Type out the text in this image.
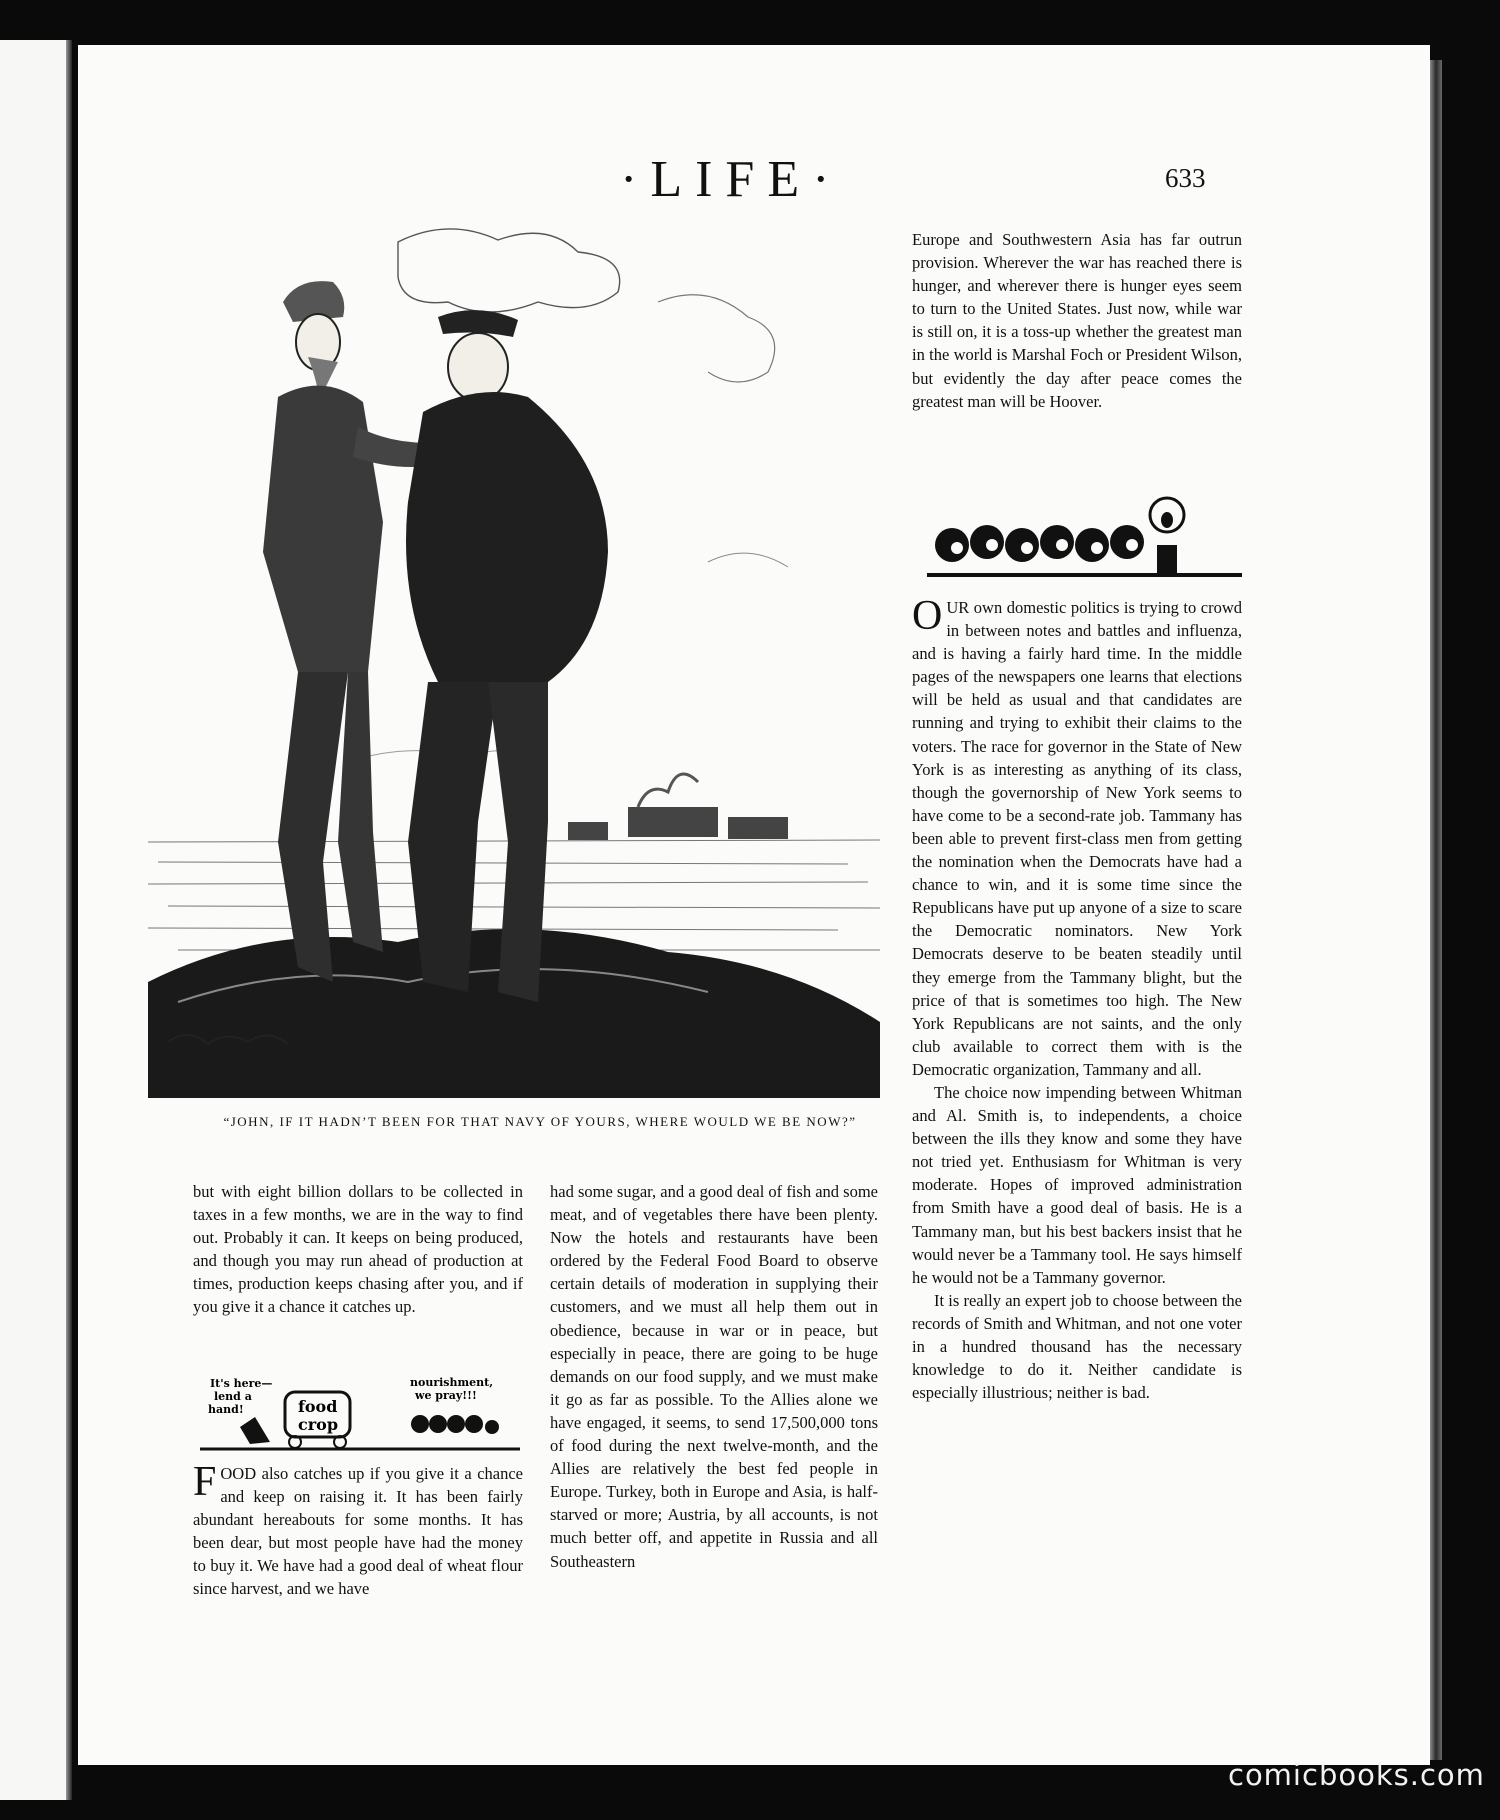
·LIFE·	633
“JOHN, IF IT HADN’T BEEN FOR THAT NAVY OF YOURS, WHERE WOULD WE BE NOW?”

but with eight billion dollars to be collected in taxes in a few months, we are in the way to find out. Probably it can. It keeps on being produced, and though you may run ahead of production at times, production keeps chasing after you, and if you give it a chance it catches up.

It's here—
lend a
hand!	food
crop
nourishment,
we pray!!!

FOOD also catches up if you give it a chance and keep on raising it. It has been fairly abundant hereabouts for some months. It has been dear, but most people have had the money to buy it. We have had a good deal of wheat flour since harvest, and we have

had some sugar, and a good deal of fish and some meat, and of vegetables there have been plenty. Now the hotels and restaurants have been ordered by the Federal Food Board to observe certain details of moderation in supplying their customers, and we must all help them out in obedience, because in war or in peace, but especially in peace, there are going to be huge demands on our food supply, and we must make it go as far as possible. To the Allies alone we have engaged, it seems, to send 17,500,000 tons of food during the next twelve-month, and the Allies are relatively the best fed people in Europe. Turkey, both in Europe and Asia, is half-starved or more; Austria, by all accounts, is not much better off, and appetite in Russia and all Southeastern

Europe and Southwestern Asia has far outrun provision. Wherever the war has reached there is hunger, and wherever there is hunger eyes seem to turn to the United States. Just now, while war is still on, it is a toss-up whether the greatest man in the world is Marshal Foch or President Wilson, but evidently the day after peace comes the greatest man will be Hoover.

OUR own domestic politics is trying to crowd in between notes and battles and influenza, and is having a fairly hard time. In the middle pages of the newspapers one learns that elections will be held as usual and that candidates are running and trying to exhibit their claims to the voters. The race for governor in the State of New York is as interesting as anything of its class, though the governorship of New York seems to have come to be a second-rate job. Tammany has been able to prevent first-class men from getting the nomination when the Democrats have had a chance to win, and it is some time since the Republicans have put up anyone of a size to scare the Democratic nominators. New York Democrats deserve to be beaten steadily until they emerge from the Tammany blight, but the price of that is sometimes too high. The New York Republicans are not saints, and the only club available to correct them with is the Democratic organization, Tammany and all.

The choice now impending between Whitman and Al. Smith is, to independents, a choice between the ills they know and some they have not tried yet. Enthusiasm for Whitman is very moderate. Hopes of improved administration from Smith have a good deal of basis. He is a Tammany man, but his best backers insist that he would never be a Tammany tool. He says himself he would not be a Tammany governor.

It is really an expert job to choose between the records of Smith and Whitman, and not one voter in a hundred thousand has the necessary knowledge to do it. Neither candidate is especially illustrious; neither is bad.

comicbooks.com
